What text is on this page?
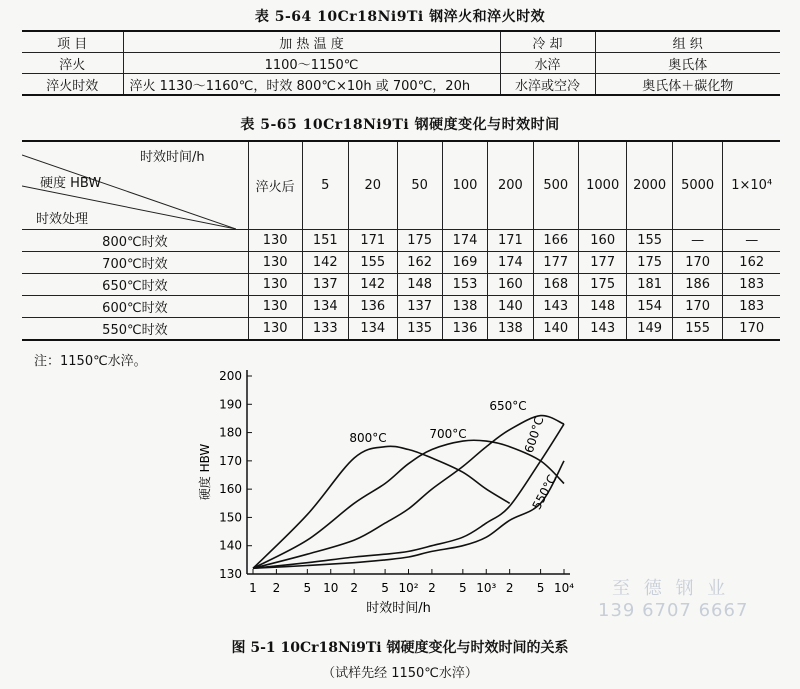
表 5-64 10Cr18Ni9Ti 钢淬火和淬火时效
项 目	加 热 温 度	冷 却	组 织
淬火	1100～1150℃	水淬	奥氏体
淬火时效	淬火 1130～1160℃，时效 800℃×10h 或 700℃，20h	水淬或空冷	奥氏体＋碳化物
表 5-65 10Cr18Ni9Ti 钢硬度变化与时效时间
时效时间/h
硬度 HBW
时效处理	淬火后	5	20	50	100	200	500	1000	2000	5000	1×10⁴
800℃时效	130	151	171	175	174	171	166	160	155	—	—
700℃时效	130	142	155	162	169	174	177	177	175	170	162
650℃时效	130	137	142	148	153	160	168	175	181	186	183
600℃时效	130	134	136	137	138	140	143	148	154	170	183
550℃时效	130	133	134	135	136	138	140	143	149	155	170
注：1150℃水淬。
130
140
150
160
170
180
190
200
1 2 5 10 2 5 10² 2 5 10³ 2 5 10⁴
硬度 HBW
时效时间/h
800°C	700°C
650°C
600°C
550°C
图 5-1 10Cr18Ni9Ti 钢硬度变化与时效时间的关系
（试样先经 1150℃水淬）
至 德 钢 业
139 6707 6667
